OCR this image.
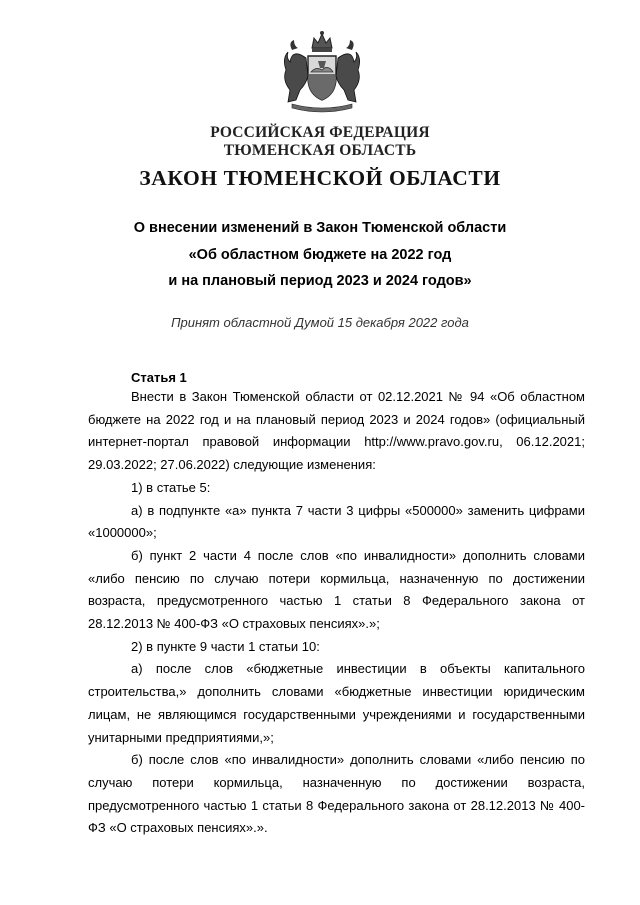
РОССИЙСКАЯ ФЕДЕРАЦИЯ
ТЮМЕНСКАЯ ОБЛАСТЬ
ЗАКОН ТЮМЕНСКОЙ ОБЛАСТИ
О внесении изменений в Закон Тюменской области
«Об областном бюджете на 2022 год
и на плановый период 2023 и 2024 годов»
Принят областной Думой 15 декабря 2022 года
Статья 1

Внести в Закон Тюменской области от 02.12.2021 № 94 «Об областном бюджете на 2022 год и на плановый период 2023 и 2024 годов» (официальный интернет-портал правовой информации http://www.pravo.gov.ru, 06.12.2021; 29.03.2022; 27.06.2022) следующие изменения:

1) в статье 5:

а) в подпункте «а» пункта 7 части 3 цифры «500000» заменить цифрами «1000000»;

б) пункт 2 части 4 после слов «по инвалидности» дополнить словами «либо пенсию по случаю потери кормильца, назначенную по достижении возраста, предусмотренного частью 1 статьи 8 Федерального закона от 28.12.2013 № 400-ФЗ «О страховых пенсиях».»;

2) в пункте 9 части 1 статьи 10:

а) после слов «бюджетные инвестиции в объекты капитального строительства,» дополнить словами «бюджетные инвестиции юридическим лицам, не являющимся государственными учреждениями и государственными унитарными предприятиями,»;

б) после слов «по инвалидности» дополнить словами «либо пенсию по случаю потери кормильца, назначенную по достижении возраста, предусмотренного частью 1 статьи 8 Федерального закона от 28.12.2013 № 400-ФЗ «О страховых пенсиях».».
